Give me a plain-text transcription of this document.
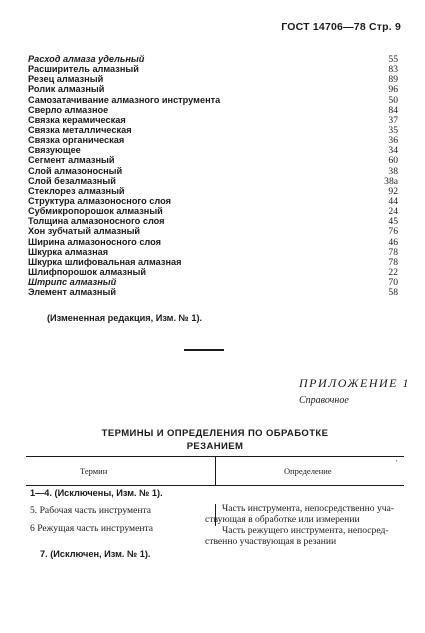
ГОСТ 14706—78 Стр. 9
Расход алмаза удельный	55
Расширитель алмазный	83
Резец алмазный	89
Ролик алмазный	96
Самозатачивание алмазного инструмента	50
Сверло алмазное	84
Связка керамическая	37
Связка металлическая	35
Связка органическая	36
Связующее	34
Сегмент алмазный	60
Слой алмазоносный	38
Слой безалмазный	38а
Стеклорез алмазный	92
Структура алмазоносного слоя	44
Субмикропорошок алмазный	24
Толщина алмазоносного слоя	45
Хон зубчатый алмазный	76
Ширина алмазоносного слоя	46
Шкурка алмазная	78
Шкурка шлифовальная алмазная	78
Шлифпорошок алмазный	22
Штрипс алмазный	70
Элемент алмазный	58
(Измененная редакция, Изм. № 1).
ПРИЛОЖЕНИЕ 1
Справочное
ТЕРМИНЫ И ОПРЕДЕЛЕНИЯ ПО ОБРАБОТКЕ
РЕЗАНИЕМ
Термин	Определение
′
1—4. (Исключены, Изм. № 1).
5. Рабочая часть инструмента	Часть инструмента, непосредственно уча-
ствующая в обработке или измерении
6 Режущая часть инструмента	Часть режущего инструмента, непосред-
ственно участвующая в резании
7. (Исключен, Изм. № 1).
